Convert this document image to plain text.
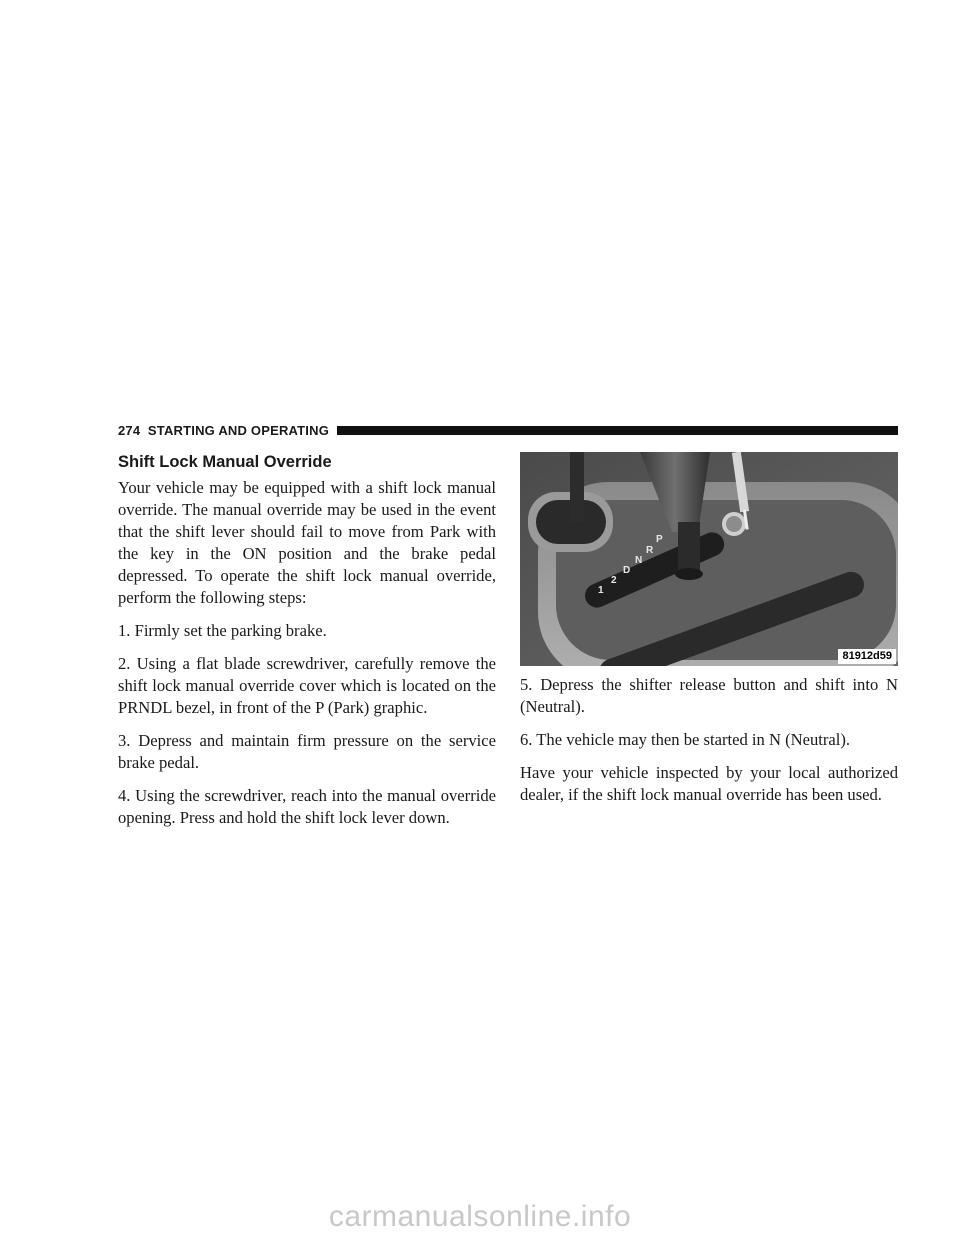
274 STARTING AND OPERATING
Shift Lock Manual Override

Your vehicle may be equipped with a shift lock manual override. The manual override may be used in the event that the shift lever should fail to move from Park with the key in the ON position and the brake pedal depressed. To operate the shift lock manual override, perform the following steps:

1. Firmly set the parking brake.

2. Using a flat blade screwdriver, carefully remove the shift lock manual override cover which is located on the PRNDL bezel, in front of the P (Park) graphic.

3. Depress and maintain firm pressure on the service brake pedal.

4. Using the screwdriver, reach into the manual override opening. Press and hold the shift lock lever down.

P
R
N
D
2
1
81912d59

5. Depress the shifter release button and shift into N (Neutral).

6. The vehicle may then be started in N (Neutral).

Have your vehicle inspected by your local authorized dealer, if the shift lock manual override has been used.

carmanualsonline.info
